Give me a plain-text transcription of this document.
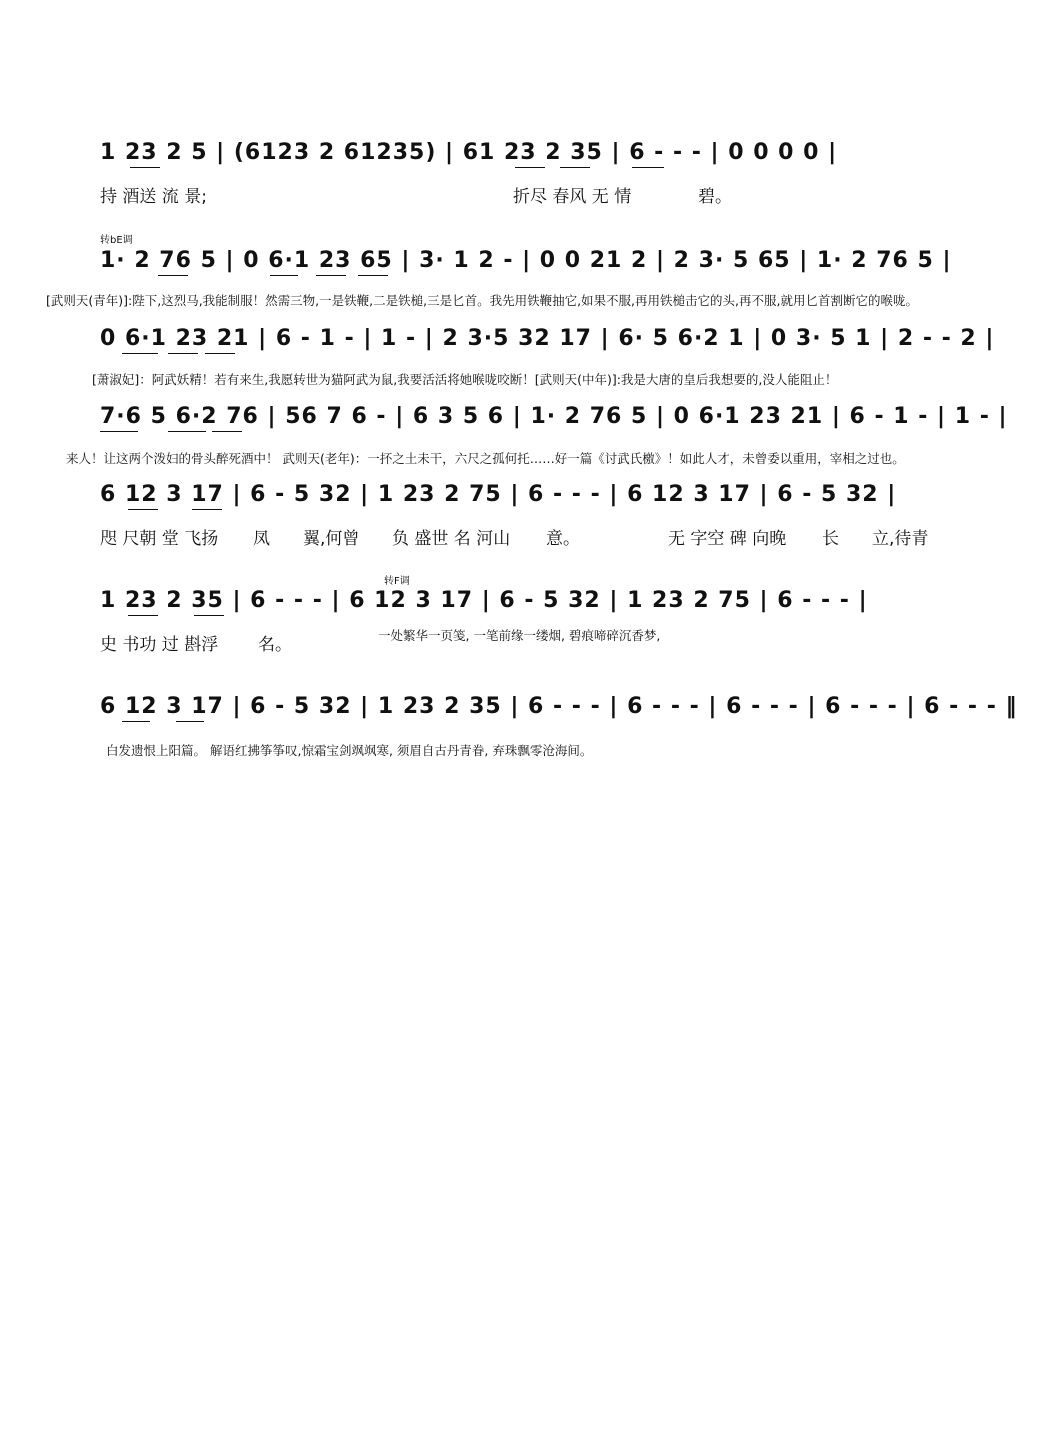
1 23 2 5 | (6123 2 61235) | 61 23 2 35 | 6 - - - | 0 0 0 0 |
持 酒送 流 景;	折尽 春风 无 情	碧。
转bE调
1· 2 76 5 | 0 6·1 23 65 | 3· 1 2 - | 0 0 21 2 | 2 3· 5 65 | 1· 2 76 5 |
[武则天(青年)]:陛下,这烈马,我能制服！然需三物,一是铁鞭,二是铁槌,三是匕首。我先用铁鞭抽它,如果不服,再用铁槌击它的头,再不服,就用匕首割断它的喉咙。
0 6·1 23 21 | 6 - 1 - | 1 - | 2 3·5 32 17 | 6· 5 6·2 1 | 0 3· 5 1 | 2 - - 2 |
[萧淑妃]：阿武妖精！若有来生,我愿转世为猫阿武为鼠,我要活活将她喉咙咬断！[武则天(中年)]:我是大唐的皇后我想要的,没人能阻止！
7·6 5 6·2 76 | 56 7 6 - | 6 3 5 6 | 1· 2 76 5 | 0 6·1 23 21 | 6 - 1 - | 1 - |
来人！让这两个泼妇的骨头醉死酒中！ 武则天(老年)：一抔之土未干，六尺之孤何托……好一篇《讨武氏檄》！如此人才，未曾委以重用，宰相之过也。
6 12 3 17 | 6 - 5 32 | 1 23 2 75 | 6 - - - | 6 12 3 17 | 6 - 5 32 |
咫 尺朝 堂 飞扬 凤 翼,何曾 负 盛世 名 河山 意。	无 字空 碑 向晚 长 立,待青
转F调
1 23 2 35 | 6 - - - | 6 12 3 17 | 6 - 5 32 | 1 23 2 75 | 6 - - - |
史 书功 过 斟浮 名。	一处繁华一页笺, 一笔前缘一缕烟, 碧痕啼碎沉香梦,
6 12 3 17 | 6 - 5 32 | 1 23 2 35 | 6 - - - | 6 - - - | 6 - - - | 6 - - - | 6 - - - ‖
白发遗恨上阳篇。 解语红拂筝筝叹,惊霜宝剑飒飒寒, 须眉自古丹青眷, 弃珠飘零沧海间。
